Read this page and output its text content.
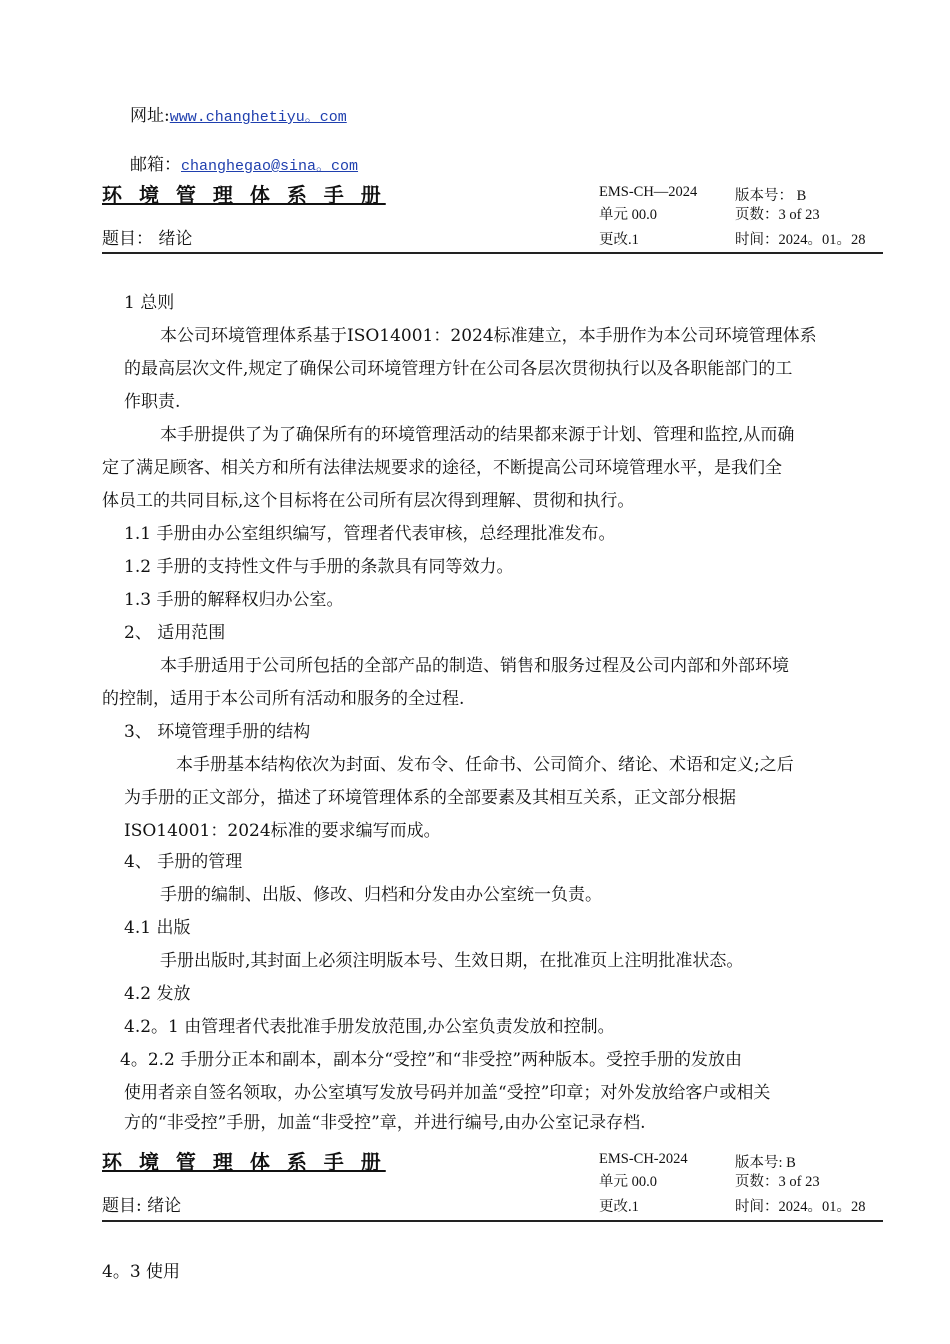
网址:www.changhetiyu。com
邮箱：changhegao@sina。com
环 境 管 理 体 系 手 册
题目： 绪论
EMS-CH—2024
单元 00.0
更改.1
版本号： B
页数：3 of 23
时间：2024。01。28
1 总则
本公司环境管理体系基于ISO14001：2024标准建立，本手册作为本公司环境管理体系
的最高层次文件,规定了确保公司环境管理方针在公司各层次贯彻执行以及各职能部门的工
作职责.
本手册提供了为了确保所有的环境管理活动的结果都来源于计划、管理和监控,从而确
定了满足顾客、相关方和所有法律法规要求的途径，不断提高公司环境管理水平，是我们全
体员工的共同目标,这个目标将在公司所有层次得到理解、贯彻和执行。
1.1 手册由办公室组织编写，管理者代表审核，总经理批准发布。
1.2 手册的支持性文件与手册的条款具有同等效力。
1.3 手册的解释权归办公室。
2、 适用范围
本手册适用于公司所包括的全部产品的制造、销售和服务过程及公司内部和外部环境
的控制，适用于本公司所有活动和服务的全过程.
3、 环境管理手册的结构
本手册基本结构依次为封面、发布令、任命书、公司简介、绪论、术语和定义;之后
为手册的正文部分，描述了环境管理体系的全部要素及其相互关系，正文部分根据
ISO14001：2024标准的要求编写而成。
4、 手册的管理
手册的编制、出版、修改、归档和分发由办公室统一负责。
4.1 出版
手册出版时,其封面上必须注明版本号、生效日期，在批准页上注明批准状态。
4.2 发放
4.2。1 由管理者代表批准手册发放范围,办公室负责发放和控制。
4。2.2 手册分正本和副本，副本分“受控”和“非受控”两种版本。受控手册的发放由
使用者亲自签名领取，办公室填写发放号码并加盖“受控”印章；对外发放给客户或相关
方的“非受控”手册，加盖“非受控”章，并进行编号,由办公室记录存档.
环 境 管 理 体 系 手 册
题目: 绪论
EMS-CH-2024
单元 00.0
更改.1
版本号: B
页数：3 of 23
时间：2024。01。28
4。3 使用
